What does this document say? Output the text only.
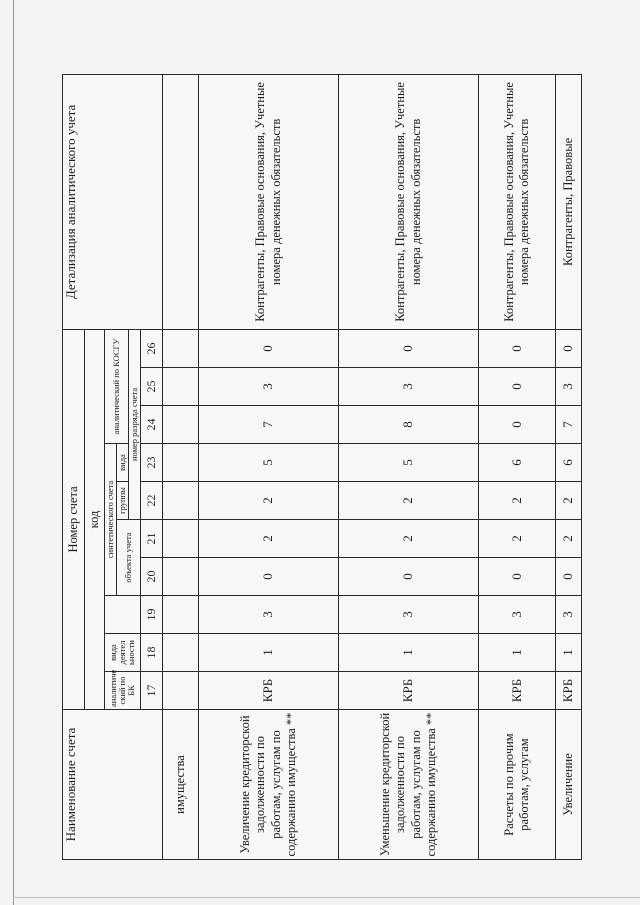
Наименование счета	Номер счета										Детализация аналитического учета
	код										
	аналитиче ский по БК	вида деятел ьности		синтетического счета				аналитический по КОСГУ			
				объекта учета		группы	вида				
						номер разряда счета					
	17	18	19	20	21	22	23	24	25	26	
имущества											
Увеличение кредиторской задолженности по работам, услугам по содержанию имущества **	КРБ	1	3	0	2	2	5	7	3	0	Контрагенты, Правовые основания, Учетные номера денежных обязательств
Уменьшение кредиторской задолженности по работам, услугам по содержанию имущества **	КРБ	1	3	0	2	2	5	8	3	0	Контрагенты, Правовые основания, Учетные номера денежных обязательств
Расчеты по прочим работам, услугам	КРБ	1	3	0	2	2	6	0	0	0	Контрагенты, Правовые основания, Учетные номера денежных обязательств
Увеличение	КРБ	1	3	0	2	2	6	7	3	0	Контрагенты, Правовые
